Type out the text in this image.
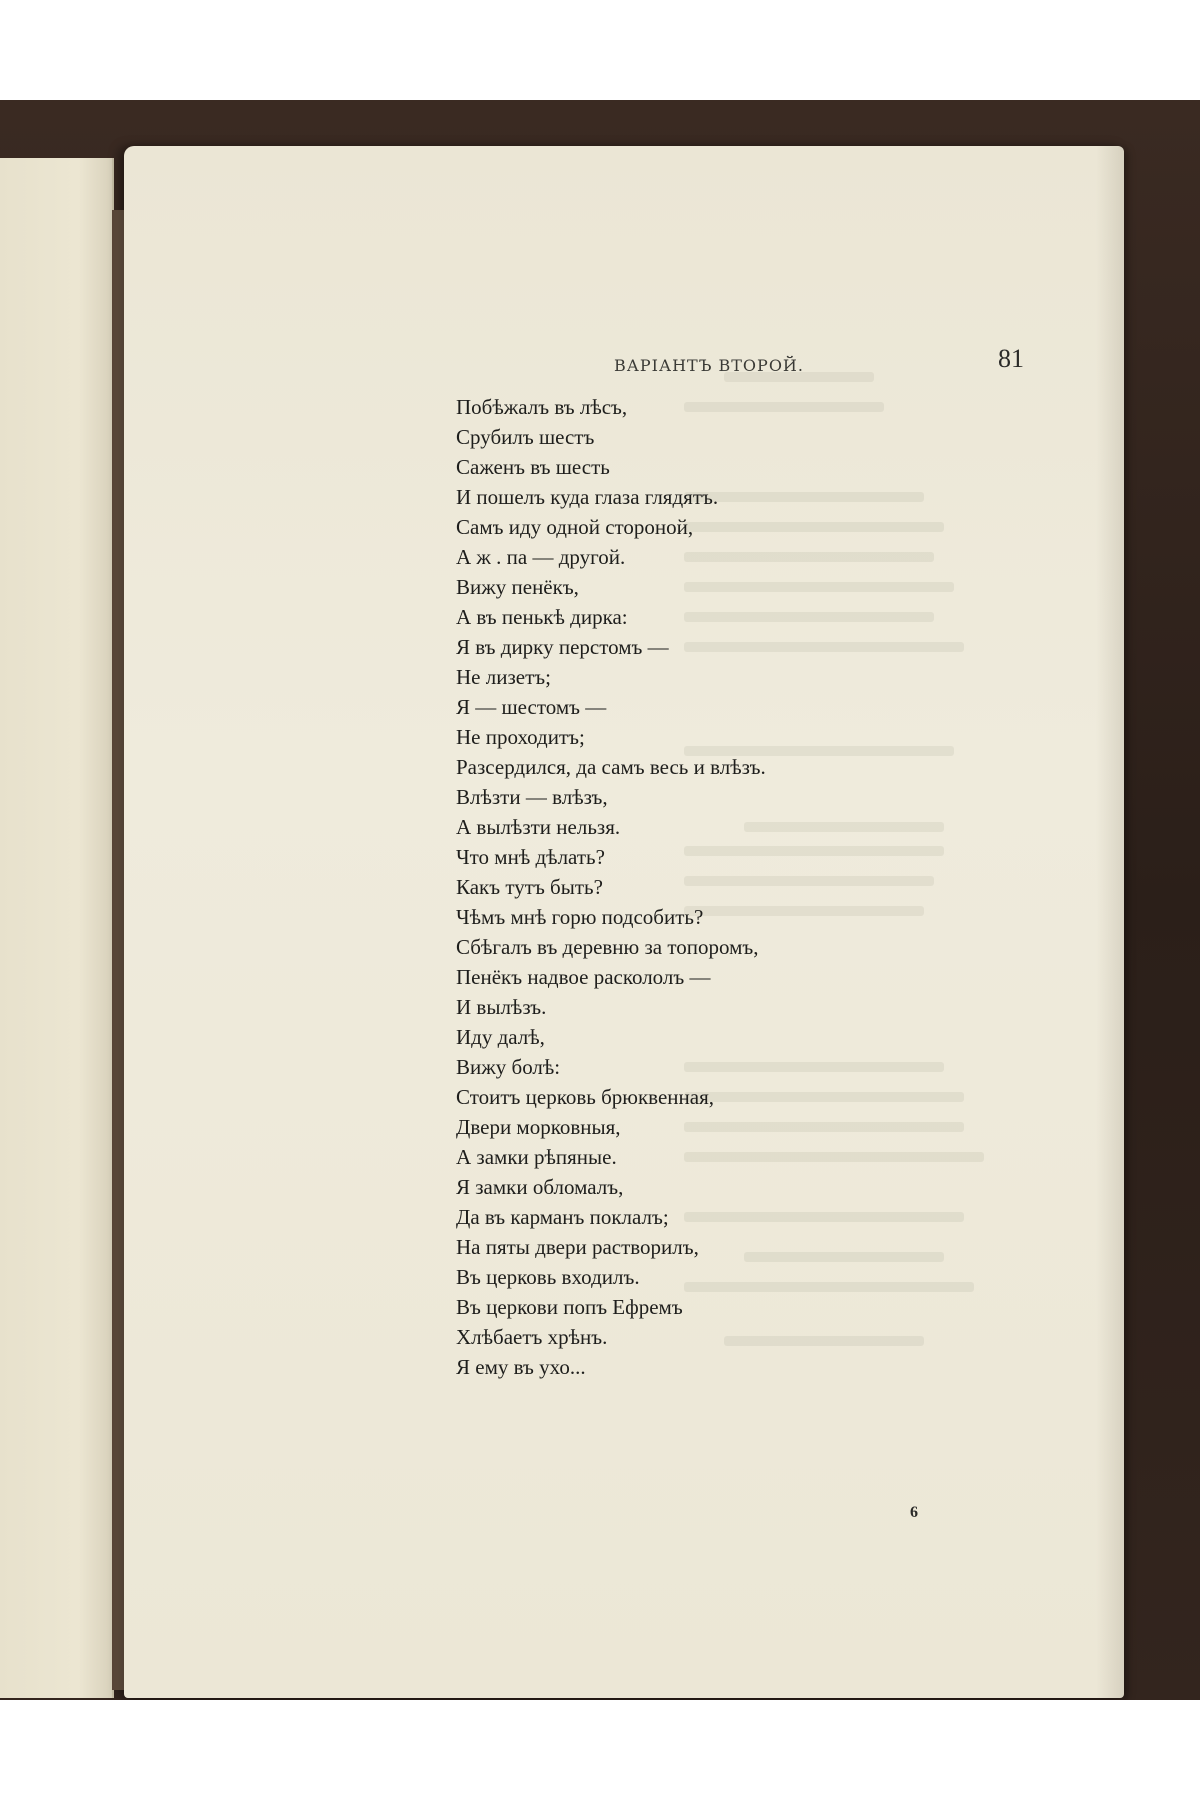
ВАРІАНТЪ ВТОРОЙ.	81
Побѣжалъ въ лѣсъ,
Срубилъ шестъ
Саженъ въ шесть
И пошелъ куда глаза глядятъ.
Самъ иду одной стороной,
А ж . па — другой.
Вижу пенёкъ,
А въ пенькѣ дирка:
Я въ дирку перстомъ —
Не лизетъ;
Я — шестомъ —
Не проходитъ;
Разсердился, да самъ весь и влѣзъ.
Влѣзти — влѣзъ,
А вылѣзти нельзя.
Что мнѣ дѣлать?
Какъ тутъ быть?
Чѣмъ мнѣ горю подсобить?
Сбѣгалъ въ деревню за топоромъ,
Пенёкъ надвое раскололъ —
И вылѣзъ.
Иду далѣ,
Вижу болѣ:
Стоитъ церковь брюквенная,
Двери морковныя,
А замки рѣпяные.
Я замки обломалъ,
Да въ карманъ поклалъ;
На пяты двери растворилъ,
Въ церковь входилъ.
Въ церкови попъ Ефремъ
Хлѣбаетъ хрѣнъ.
Я ему въ ухо...
6
